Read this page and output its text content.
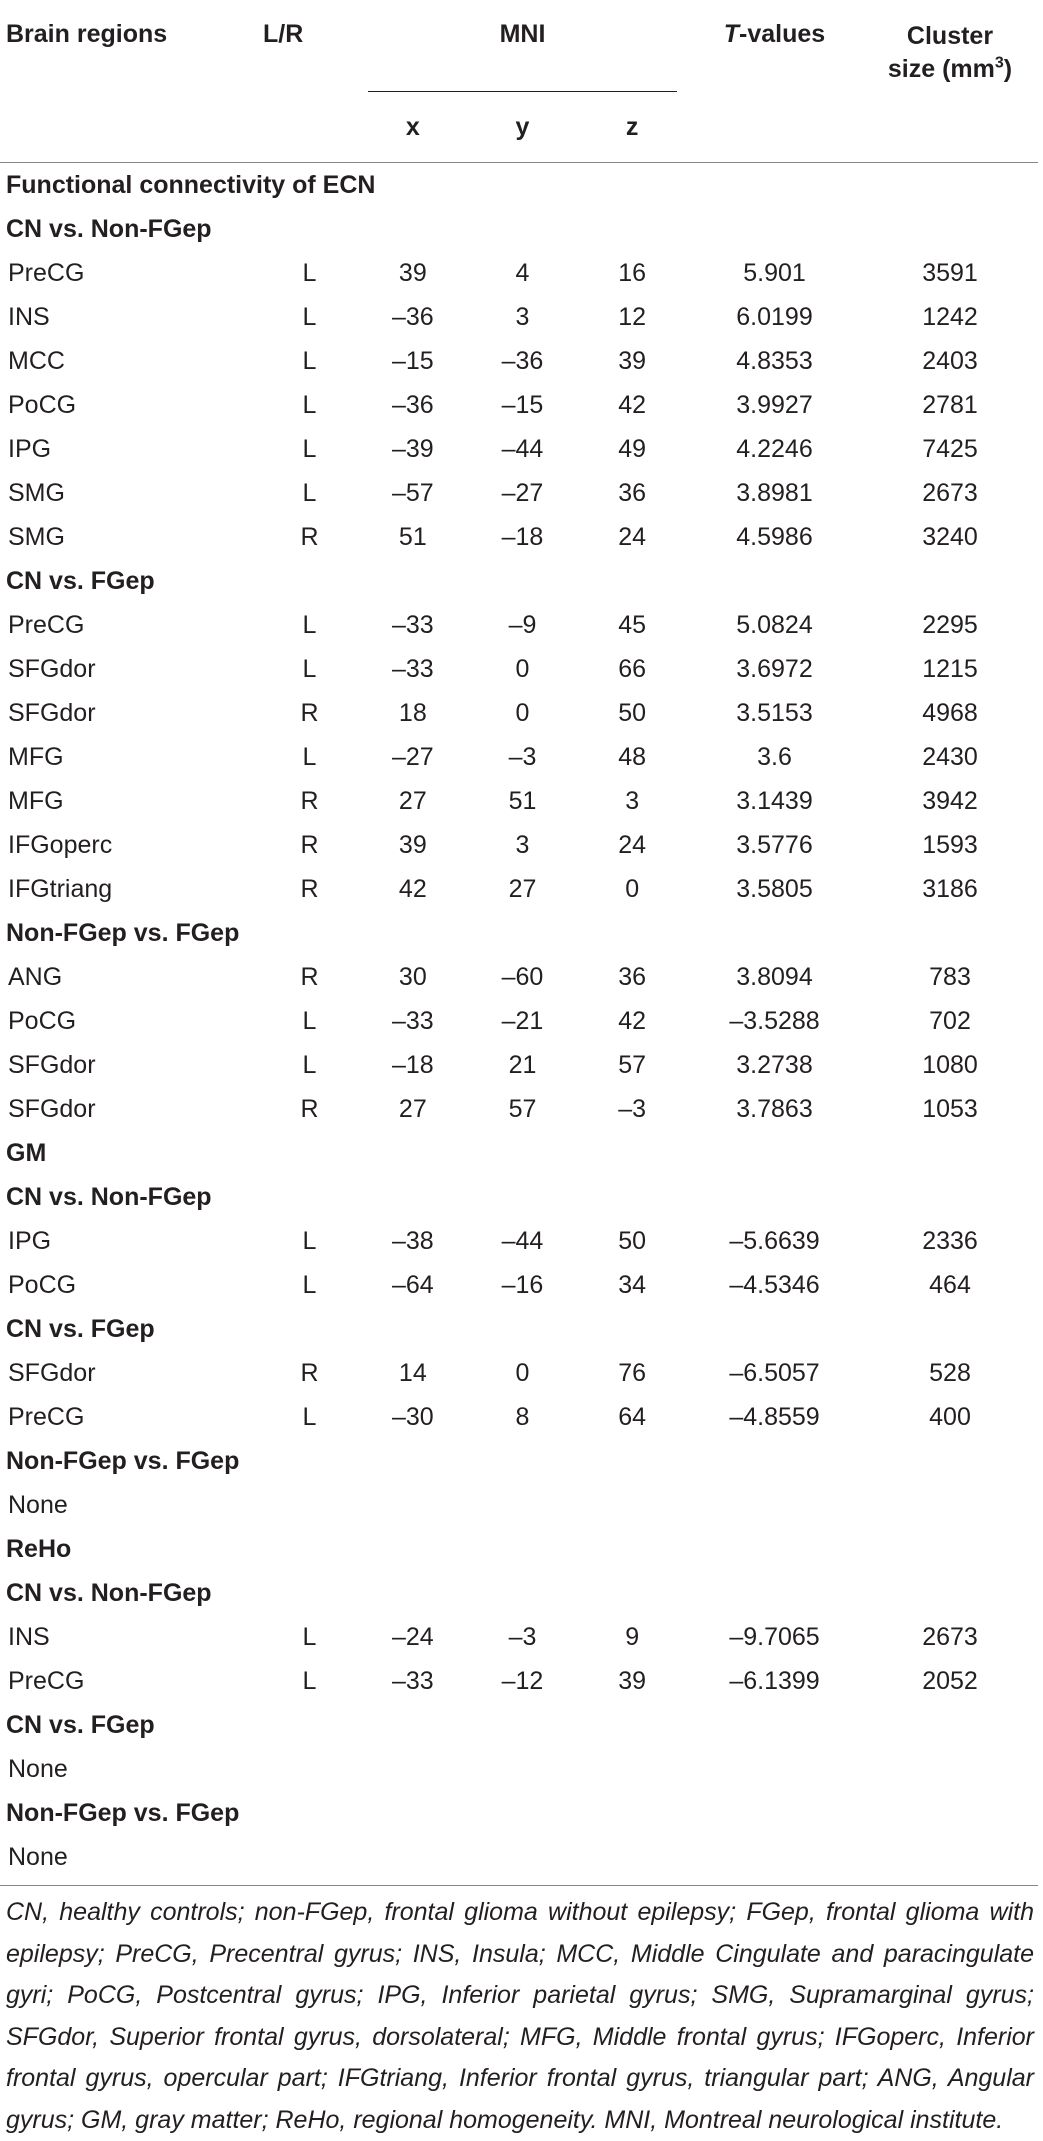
Brain regions	L/R	MNI			T-values	Cluster
size $(mm^3)$
		x	y	z		
Functional connectivity of ECN						
CN vs. Non-FGep						
PreCG	L	39	4	16	5.901	3591
INS	L	–36	3	12	6.0199	1242
MCC	L	–15	–36	39	4.8353	2403
PoCG	L	–36	–15	42	3.9927	2781
IPG	L	–39	–44	49	4.2246	7425
SMG	L	–57	–27	36	3.8981	2673
SMG	R	51	–18	24	4.5986	3240
CN vs. FGep						
PreCG	L	–33	–9	45	5.0824	2295
SFGdor	L	–33	0	66	3.6972	1215
SFGdor	R	18	0	50	3.5153	4968
MFG	L	–27	–3	48	3.6	2430
MFG	R	27	51	3	3.1439	3942
IFGoperc	R	39	3	24	3.5776	1593
IFGtriang	R	42	27	0	3.5805	3186
Non-FGep vs. FGep						
ANG	R	30	–60	36	3.8094	783
PoCG	L	–33	–21	42	–3.5288	702
SFGdor	L	–18	21	57	3.2738	1080
SFGdor	R	27	57	–3	3.7863	1053
GM						
CN vs. Non-FGep						
IPG	L	–38	–44	50	–5.6639	2336
PoCG	L	–64	–16	34	–4.5346	464
CN vs. FGep						
SFGdor	R	14	0	76	–6.5057	528
PreCG	L	–30	8	64	–4.8559	400
Non-FGep vs. FGep						
None						
ReHo						
CN vs. Non-FGep						
INS	L	–24	–3	9	–9.7065	2673
PreCG	L	–33	–12	39	–6.1399	2052
CN vs. FGep						
None						
Non-FGep vs. FGep						
None						
CN, healthy controls; non-FGep, frontal glioma without epilepsy; FGep, frontal glioma with epilepsy; PreCG, Precentral gyrus; INS, Insula; MCC, Middle Cingulate and paracingulate gyri; PoCG, Postcentral gyrus; IPG, Inferior parietal gyrus; SMG, Supramarginal gyrus; SFGdor, Superior frontal gyrus, dorsolateral; MFG, Middle frontal gyrus; IFGoperc, Inferior frontal gyrus, opercular part; IFGtriang, Inferior frontal gyrus, triangular part; ANG, Angular gyrus; GM, gray matter; ReHo, regional homogeneity. MNI, Montreal neurological institute.
